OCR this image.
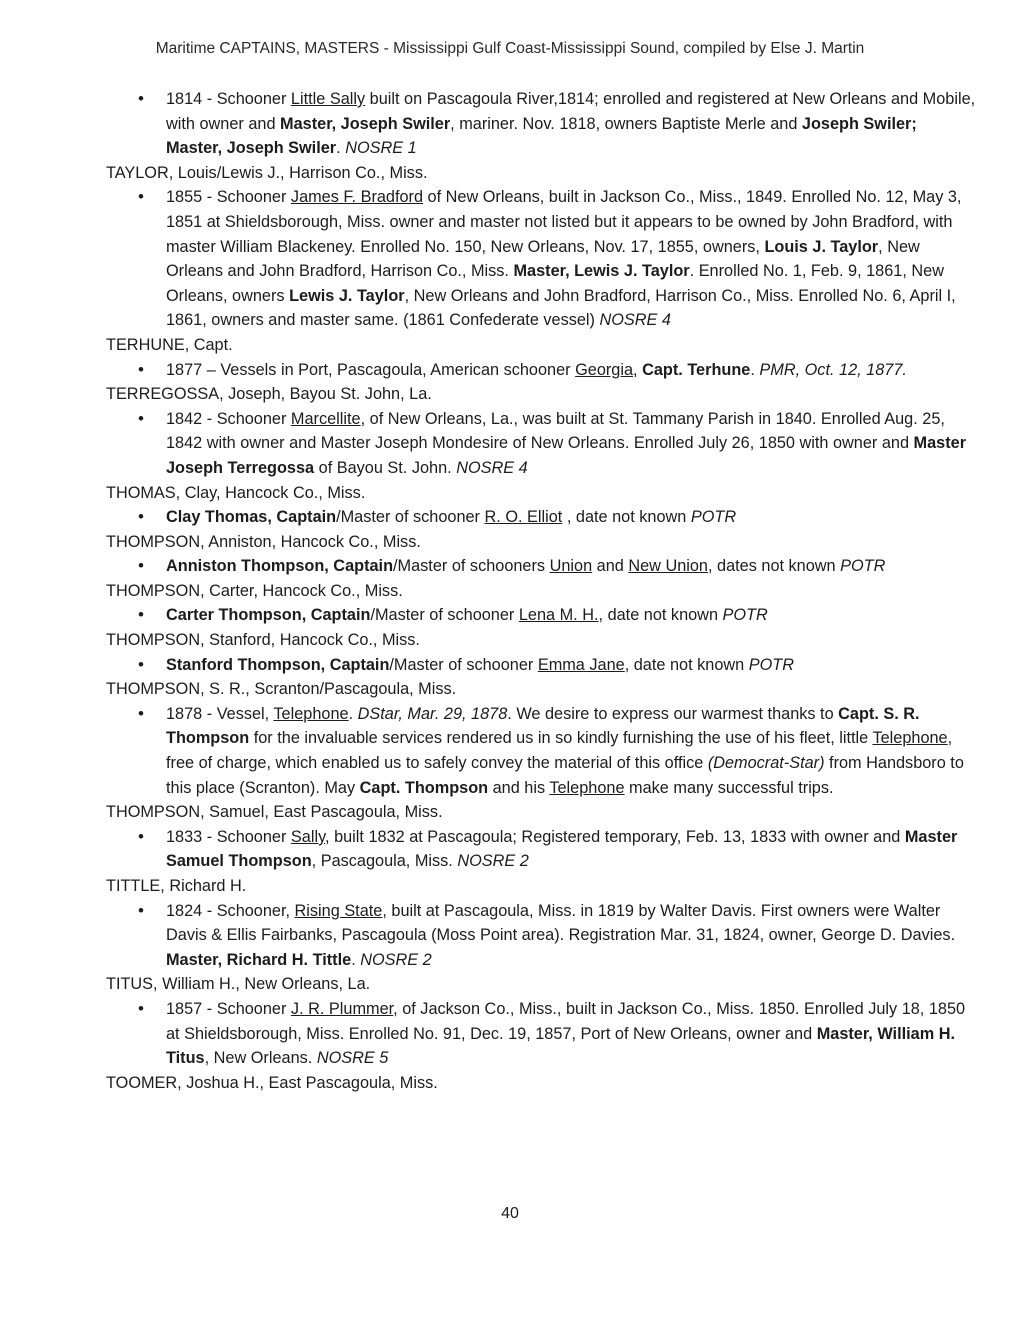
Maritime CAPTAINS, MASTERS - Mississippi Gulf Coast-Mississippi Sound, compiled by Else J. Martin
• 1814 - Schooner Little Sally built on Pascagoula River,1814; enrolled and registered at New Orleans and Mobile, with owner and Master, Joseph Swiler, mariner. Nov. 1818, owners Baptiste Merle and Joseph Swiler; Master, Joseph Swiler. NOSRE 1

TAYLOR, Louis/Lewis J., Harrison Co., Miss.

• 1855 - Schooner James F. Bradford of New Orleans, built in Jackson Co., Miss., 1849. Enrolled No. 12, May 3, 1851 at Shieldsborough, Miss. owner and master not listed but it appears to be owned by John Bradford, with master William Blackeney. Enrolled No. 150, New Orleans, Nov. 17, 1855, owners, Louis J. Taylor, New Orleans and John Bradford, Harrison Co., Miss. Master, Lewis J. Taylor. Enrolled No. 1, Feb. 9, 1861, New Orleans, owners Lewis J. Taylor, New Orleans and John Bradford, Harrison Co., Miss. Enrolled No. 6, April I, 1861, owners and master same. (1861 Confederate vessel) NOSRE 4

TERHUNE, Capt.

• 1877 – Vessels in Port, Pascagoula, American schooner Georgia, Capt. Terhune. PMR, Oct. 12, 1877.

TERREGOSSA, Joseph, Bayou St. John, La.

• 1842 - Schooner Marcellite, of New Orleans, La., was built at St. Tammany Parish in 1840. Enrolled Aug. 25, 1842 with owner and Master Joseph Mondesire of New Orleans. Enrolled July 26, 1850 with owner and Master Joseph Terregossa of Bayou St. John. NOSRE 4

THOMAS, Clay, Hancock Co., Miss.

• Clay Thomas, Captain/Master of schooner R. O. Elliot , date not known POTR

THOMPSON, Anniston, Hancock Co., Miss.

• Anniston Thompson, Captain/Master of schooners Union and New Union, dates not known POTR

THOMPSON, Carter, Hancock Co., Miss.

• Carter Thompson, Captain/Master of schooner Lena M. H., date not known POTR

THOMPSON, Stanford, Hancock Co., Miss.

• Stanford Thompson, Captain/Master of schooner Emma Jane, date not known POTR

THOMPSON, S. R., Scranton/Pascagoula, Miss.

• 1878 - Vessel, Telephone. DStar, Mar. 29, 1878. We desire to express our warmest thanks to Capt. S. R. Thompson for the invaluable services rendered us in so kindly furnishing the use of his fleet, little Telephone, free of charge, which enabled us to safely convey the material of this office (Democrat-Star) from Handsboro to this place (Scranton). May Capt. Thompson and his Telephone make many successful trips.

THOMPSON, Samuel, East Pascagoula, Miss.

• 1833 - Schooner Sally, built 1832 at Pascagoula; Registered temporary, Feb. 13, 1833 with owner and Master Samuel Thompson, Pascagoula, Miss. NOSRE 2

TITTLE, Richard H.

• 1824 - Schooner, Rising State, built at Pascagoula, Miss. in 1819 by Walter Davis. First owners were Walter Davis & Ellis Fairbanks, Pascagoula (Moss Point area). Registration Mar. 31, 1824, owner, George D. Davies. Master, Richard H. Tittle. NOSRE 2

TITUS, William H., New Orleans, La.

• 1857 - Schooner J. R. Plummer, of Jackson Co., Miss., built in Jackson Co., Miss. 1850. Enrolled July 18, 1850 at Shieldsborough, Miss. Enrolled No. 91, Dec. 19, 1857, Port of New Orleans, owner and Master, William H. Titus, New Orleans. NOSRE 5

TOOMER, Joshua H., East Pascagoula, Miss.

40
